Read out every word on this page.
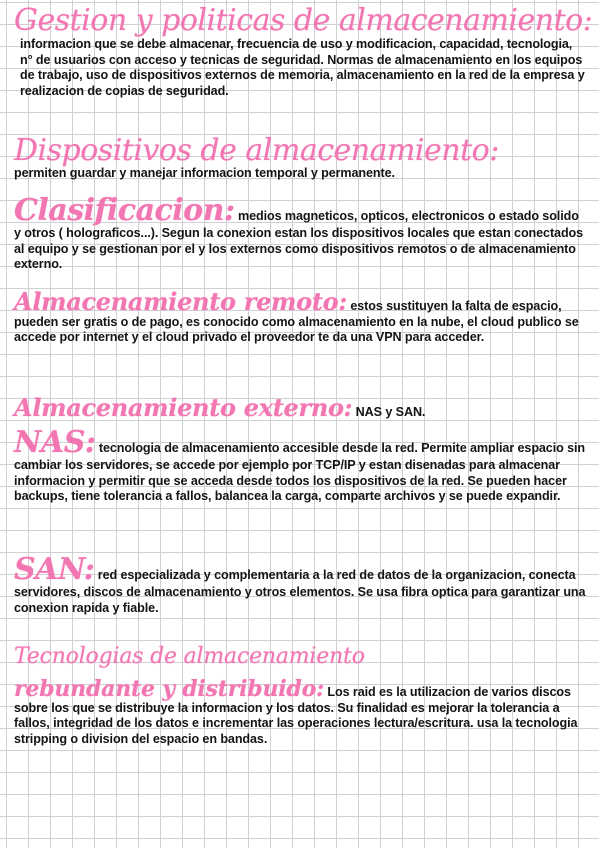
Gestion y politicas de almacenamiento:
informacion que se debe almacenar, frecuencia de uso y modificacion, capacidad, tecnologia, n° de usuarios con acceso y tecnicas de seguridad. Normas de almacenamiento en los equipos de trabajo, uso de dispositivos externos de memoria, almacenamiento en la red de la empresa y realizacion de copias de seguridad.
Dispositivos de almacenamiento:
permiten guardar y manejar informacion temporal y permanente.
Clasificacion: medios magneticos, opticos, electronicos o estado solido y otros ( holograficos...). Segun la conexion estan los dispositivos locales que estan conectados al equipo y se gestionan por el y los externos como dispositivos remotos o de almacenamiento externo.
Almacenamiento remoto: estos sustituyen la falta de espacio, pueden ser gratis o de pago, es conocido como almacenamiento en la nube, el cloud publico se accede por internet y el cloud privado el proveedor te da una VPN para acceder.
Almacenamiento externo: NAS y SAN.
NAS: tecnologia de almacenamiento accesible desde la red. Permite ampliar espacio sin cambiar los servidores, se accede por ejemplo por TCP/IP y estan disenadas para almacenar informacion y permitir que se acceda desde todos los dispositivos de la red. Se pueden hacer backups, tiene tolerancia a fallos, balancea la carga, comparte archivos y se puede expandir.
SAN: red especializada y complementaria a la red de datos de la organizacion, conecta servidores, discos de almacenamiento y otros elementos. Se usa fibra optica para garantizar una conexion rapida y fiable.
Tecnologias de almacenamiento
rebundante y distribuido: Los raid es la utilizacion de varios discos sobre los que se distribuye la informacion y los datos. Su finalidad es mejorar la tolerancia a fallos, integridad de los datos e incrementar las operaciones lectura/escritura. usa la tecnologia stripping o division del espacio en bandas.
